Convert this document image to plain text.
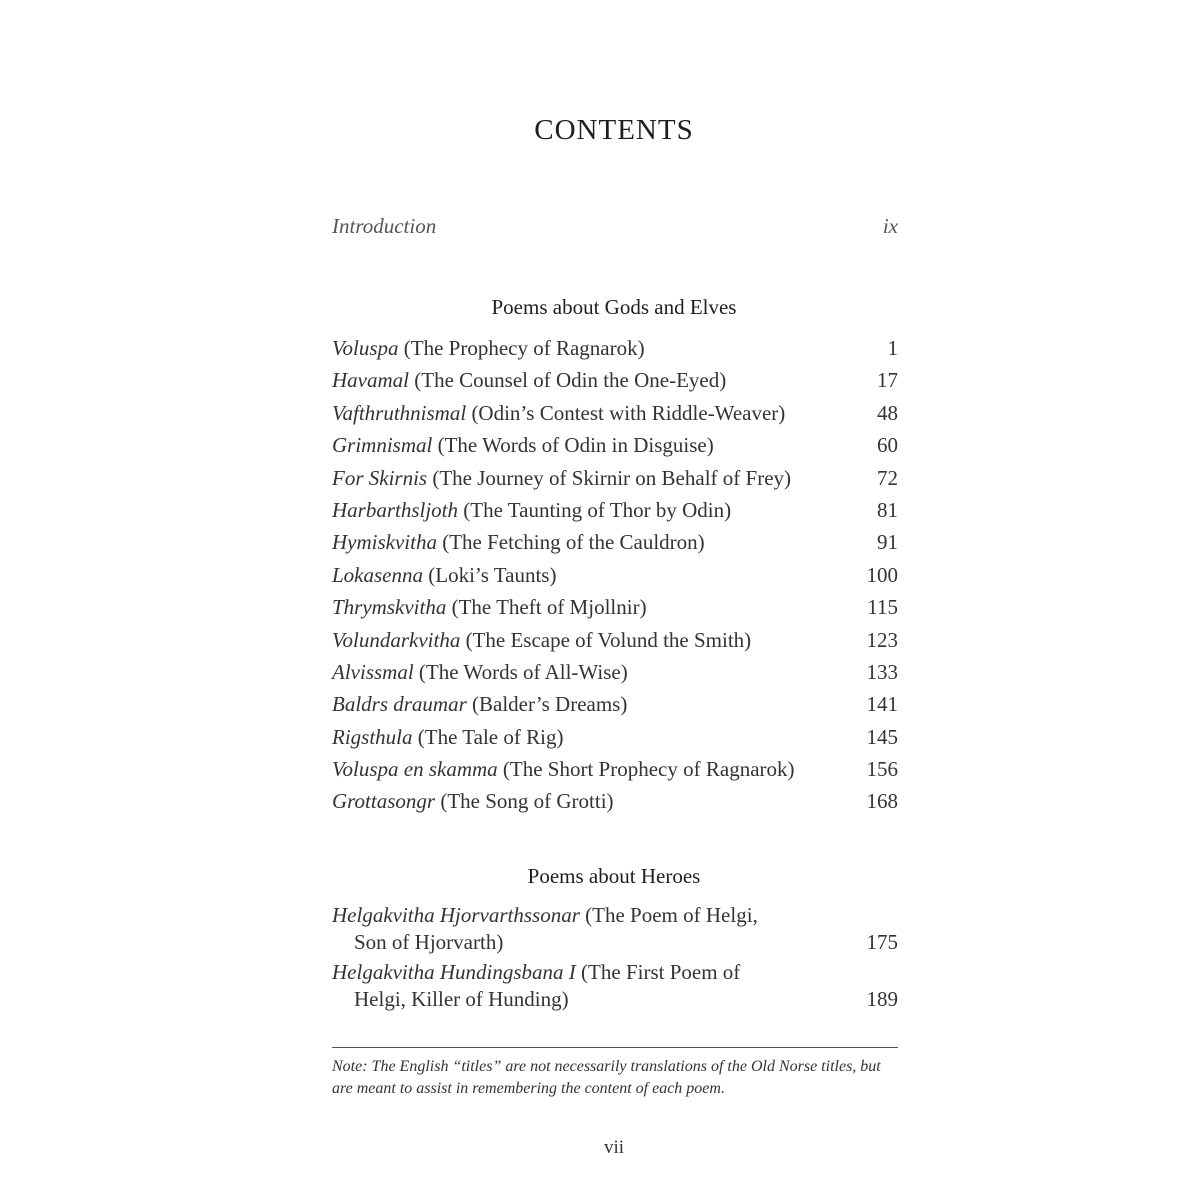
CONTENTS
Introduction	ix
Poems about Gods and Elves
Voluspa (The Prophecy of Ragnarok)	1
Havamal (The Counsel of Odin the One-Eyed)	17
Vafthruthnismal (Odin’s Contest with Riddle-Weaver)	48
Grimnismal (The Words of Odin in Disguise)	60
For Skirnis (The Journey of Skirnir on Behalf of Frey)	72
Harbarthsljoth (The Taunting of Thor by Odin)	81
Hymiskvitha (The Fetching of the Cauldron)	91
Lokasenna (Loki’s Taunts)	100
Thrymskvitha (The Theft of Mjollnir)	115
Volundarkvitha (The Escape of Volund the Smith)	123
Alvissmal (The Words of All-Wise)	133
Baldrs draumar (Balder’s Dreams)	141
Rigsthula (The Tale of Rig)	145
Voluspa en skamma (The Short Prophecy of Ragnarok)	156
Grottasongr (The Song of Grotti)	168
Poems about Heroes
Helgakvitha Hjorvarthssonar (The Poem of Helgi,
Son of Hjorvarth)	175
Helgakvitha Hundingsbana I (The First Poem of
Helgi, Killer of Hunding)	189
Note: The English “titles” are not necessarily translations of the Old Norse titles, but are meant to assist in remembering the content of each poem.
vii
